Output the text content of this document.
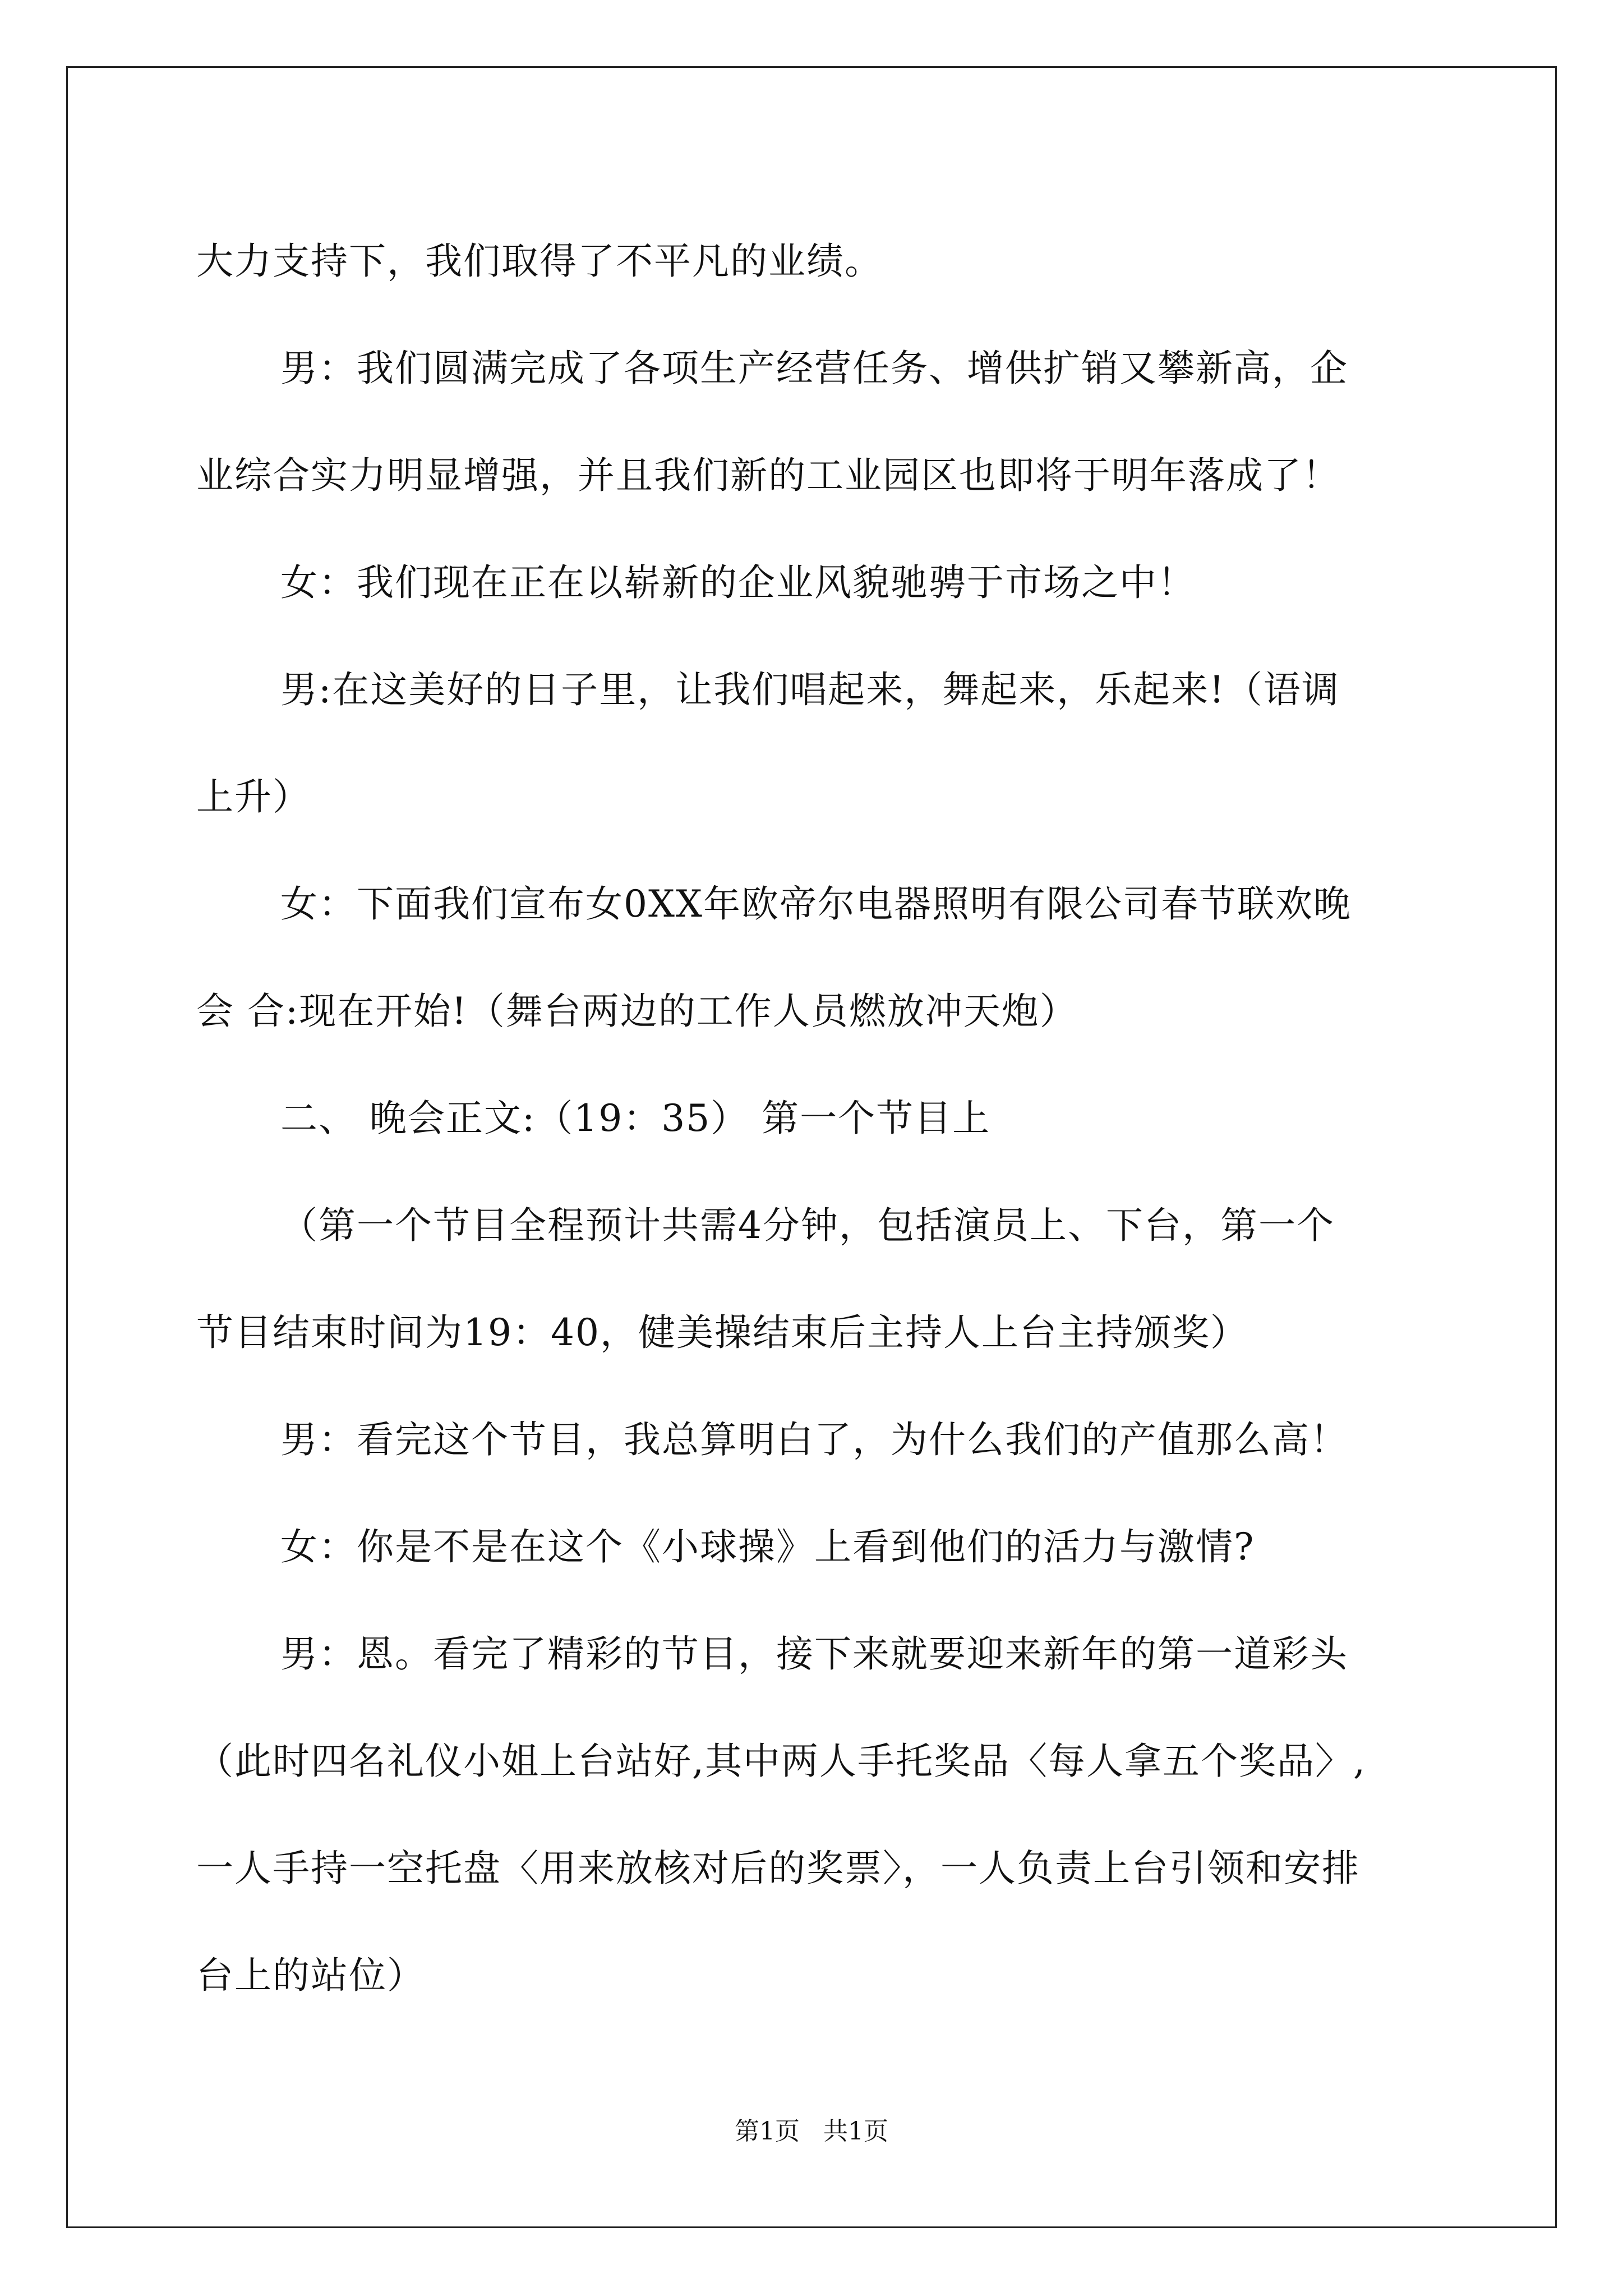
大力支持下，我们取得了不平凡的业绩。

男：我们圆满完成了各项生产经营任务、增供扩销又攀新高，企

业综合实力明显增强，并且我们新的工业园区也即将于明年落成了！

女：我们现在正在以崭新的企业风貌驰骋于市场之中！

男:在这美好的日子里，让我们唱起来，舞起来，乐起来!（语调

上升）

女：下面我们宣布女0XX年欧帝尔电器照明有限公司春节联欢晚

会 合:现在开始!（舞台两边的工作人员燃放冲天炮）

二、 晚会正文:（19：35） 第一个节目上

（第一个节目全程预计共需4分钟，包括演员上、下台，第一个

节目结束时间为19：40，健美操结束后主持人上台主持颁奖）

男：看完这个节目，我总算明白了，为什么我们的产值那么高！

女：你是不是在这个《小球操》上看到他们的活力与激情?

男：恩。看完了精彩的节目，接下来就要迎来新年的第一道彩头

（此时四名礼仪小姐上台站好,其中两人手托奖品〈每人拿五个奖品〉,

一人手持一空托盘〈用来放核对后的奖票〉，一人负责上台引领和安排

台上的站位）

第1页   共1页
